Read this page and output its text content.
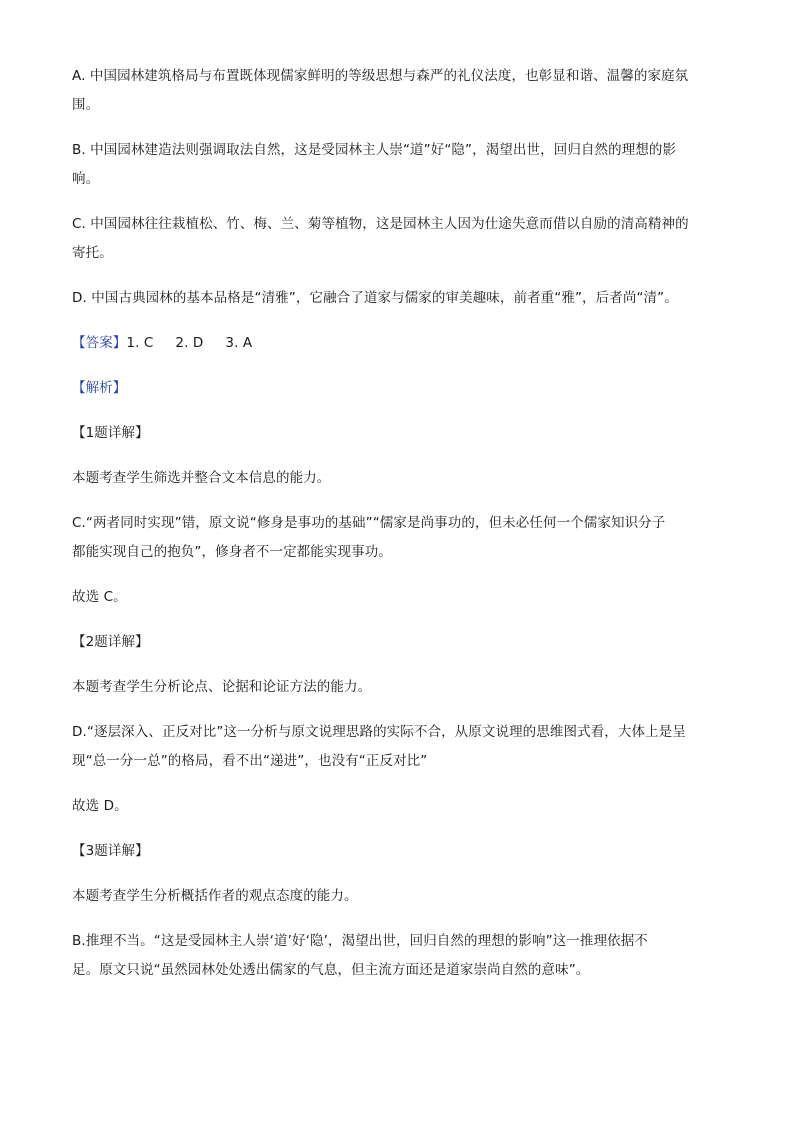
A. 中国园林建筑格局与布置既体现儒家鲜明的等级思想与森严的礼仪法度，也彰显和谐、温馨的家庭氛

围。

B. 中国园林建造法则强调取法自然，这是受园林主人崇“道”好“隐”，渴望出世，回归自然的理想的影

响。

C. 中国园林往往栽植松、竹、梅、兰、菊等植物，这是园林主人因为仕途失意而借以自励的清高精神的

寄托。

D. 中国古典园林的基本品格是“清雅”，它融合了道家与儒家的审美趣味，前者重“雅”，后者尚“清”。

【答案】1. C 2. D 3. A

【解析】

【1题详解】

本题考查学生筛选并整合文本信息的能力。

C.“两者同时实现”错，原文说“修身是事功的基础”“儒家是尚事功的，但未必任何一个儒家知识分子

都能实现自己的抱负”，修身者不一定都能实现事功。

故选 C。

【2题详解】

本题考查学生分析论点、论据和论证方法的能力。

D.“逐层深入、正反对比”这一分析与原文说理思路的实际不合，从原文说理的思维图式看，大体上是呈

现“总一分一总”的格局，看不出“递进”，也没有“正反对比”

故选 D。

【3题详解】

本题考查学生分析概括作者的观点态度的能力。

B.推理不当。“这是受园林主人崇‘道’好‘隐’，渴望出世，回归自然的理想的影响”这一推理依据不

足。原文只说“虽然园林处处透出儒家的气息，但主流方面还是道家崇尚自然的意味”。
